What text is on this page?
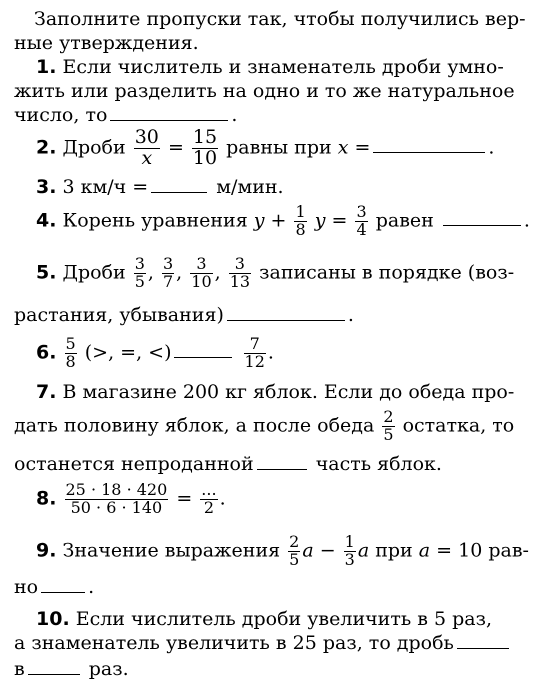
Заполните пропуски так, чтобы получились вер-
ные утверждения.
1. Если числитель и знаменатель дроби умно-
жить или разделить на одно и то же натуральное
число, то	.
2. Дроби $\frac{30}{x} = \frac{15}{10}$ равны при x =	.
3. 3 км/ч =	м/мин.
4. Корень уравнения $y + \frac{1}{8}$ $y = \frac{3}{4}$ равен	.
5. Дроби $\frac{3}{5}$ , $\frac{3}{7}$ , $\frac{3}{10}$ , $\frac{3}{13}$ записаны в порядке (воз-
растания, убывания)	.
6. $\frac{5}{8}$ (>, =, <)	$\frac{7}{12}$ .
7. В магазине 200 кг яблок. Если до обеда про-
дать половину яблок, а после обеда $\frac{2}{5}$ остатка, то
останется непроданной	часть яблок.
8. $\frac{25 \cdot 18 \cdot 420}{50 \cdot 6 \cdot 140} = \frac{...}{2}$ .
9. Значение выражения $\frac{2}{5}$ $a - \frac{1}{3}$ a при a = 10 рав-
но	.
10. Если числитель дроби увеличить в 5 раз,
а знаменатель увеличить в 25 раз, то дробь
в	раз.
